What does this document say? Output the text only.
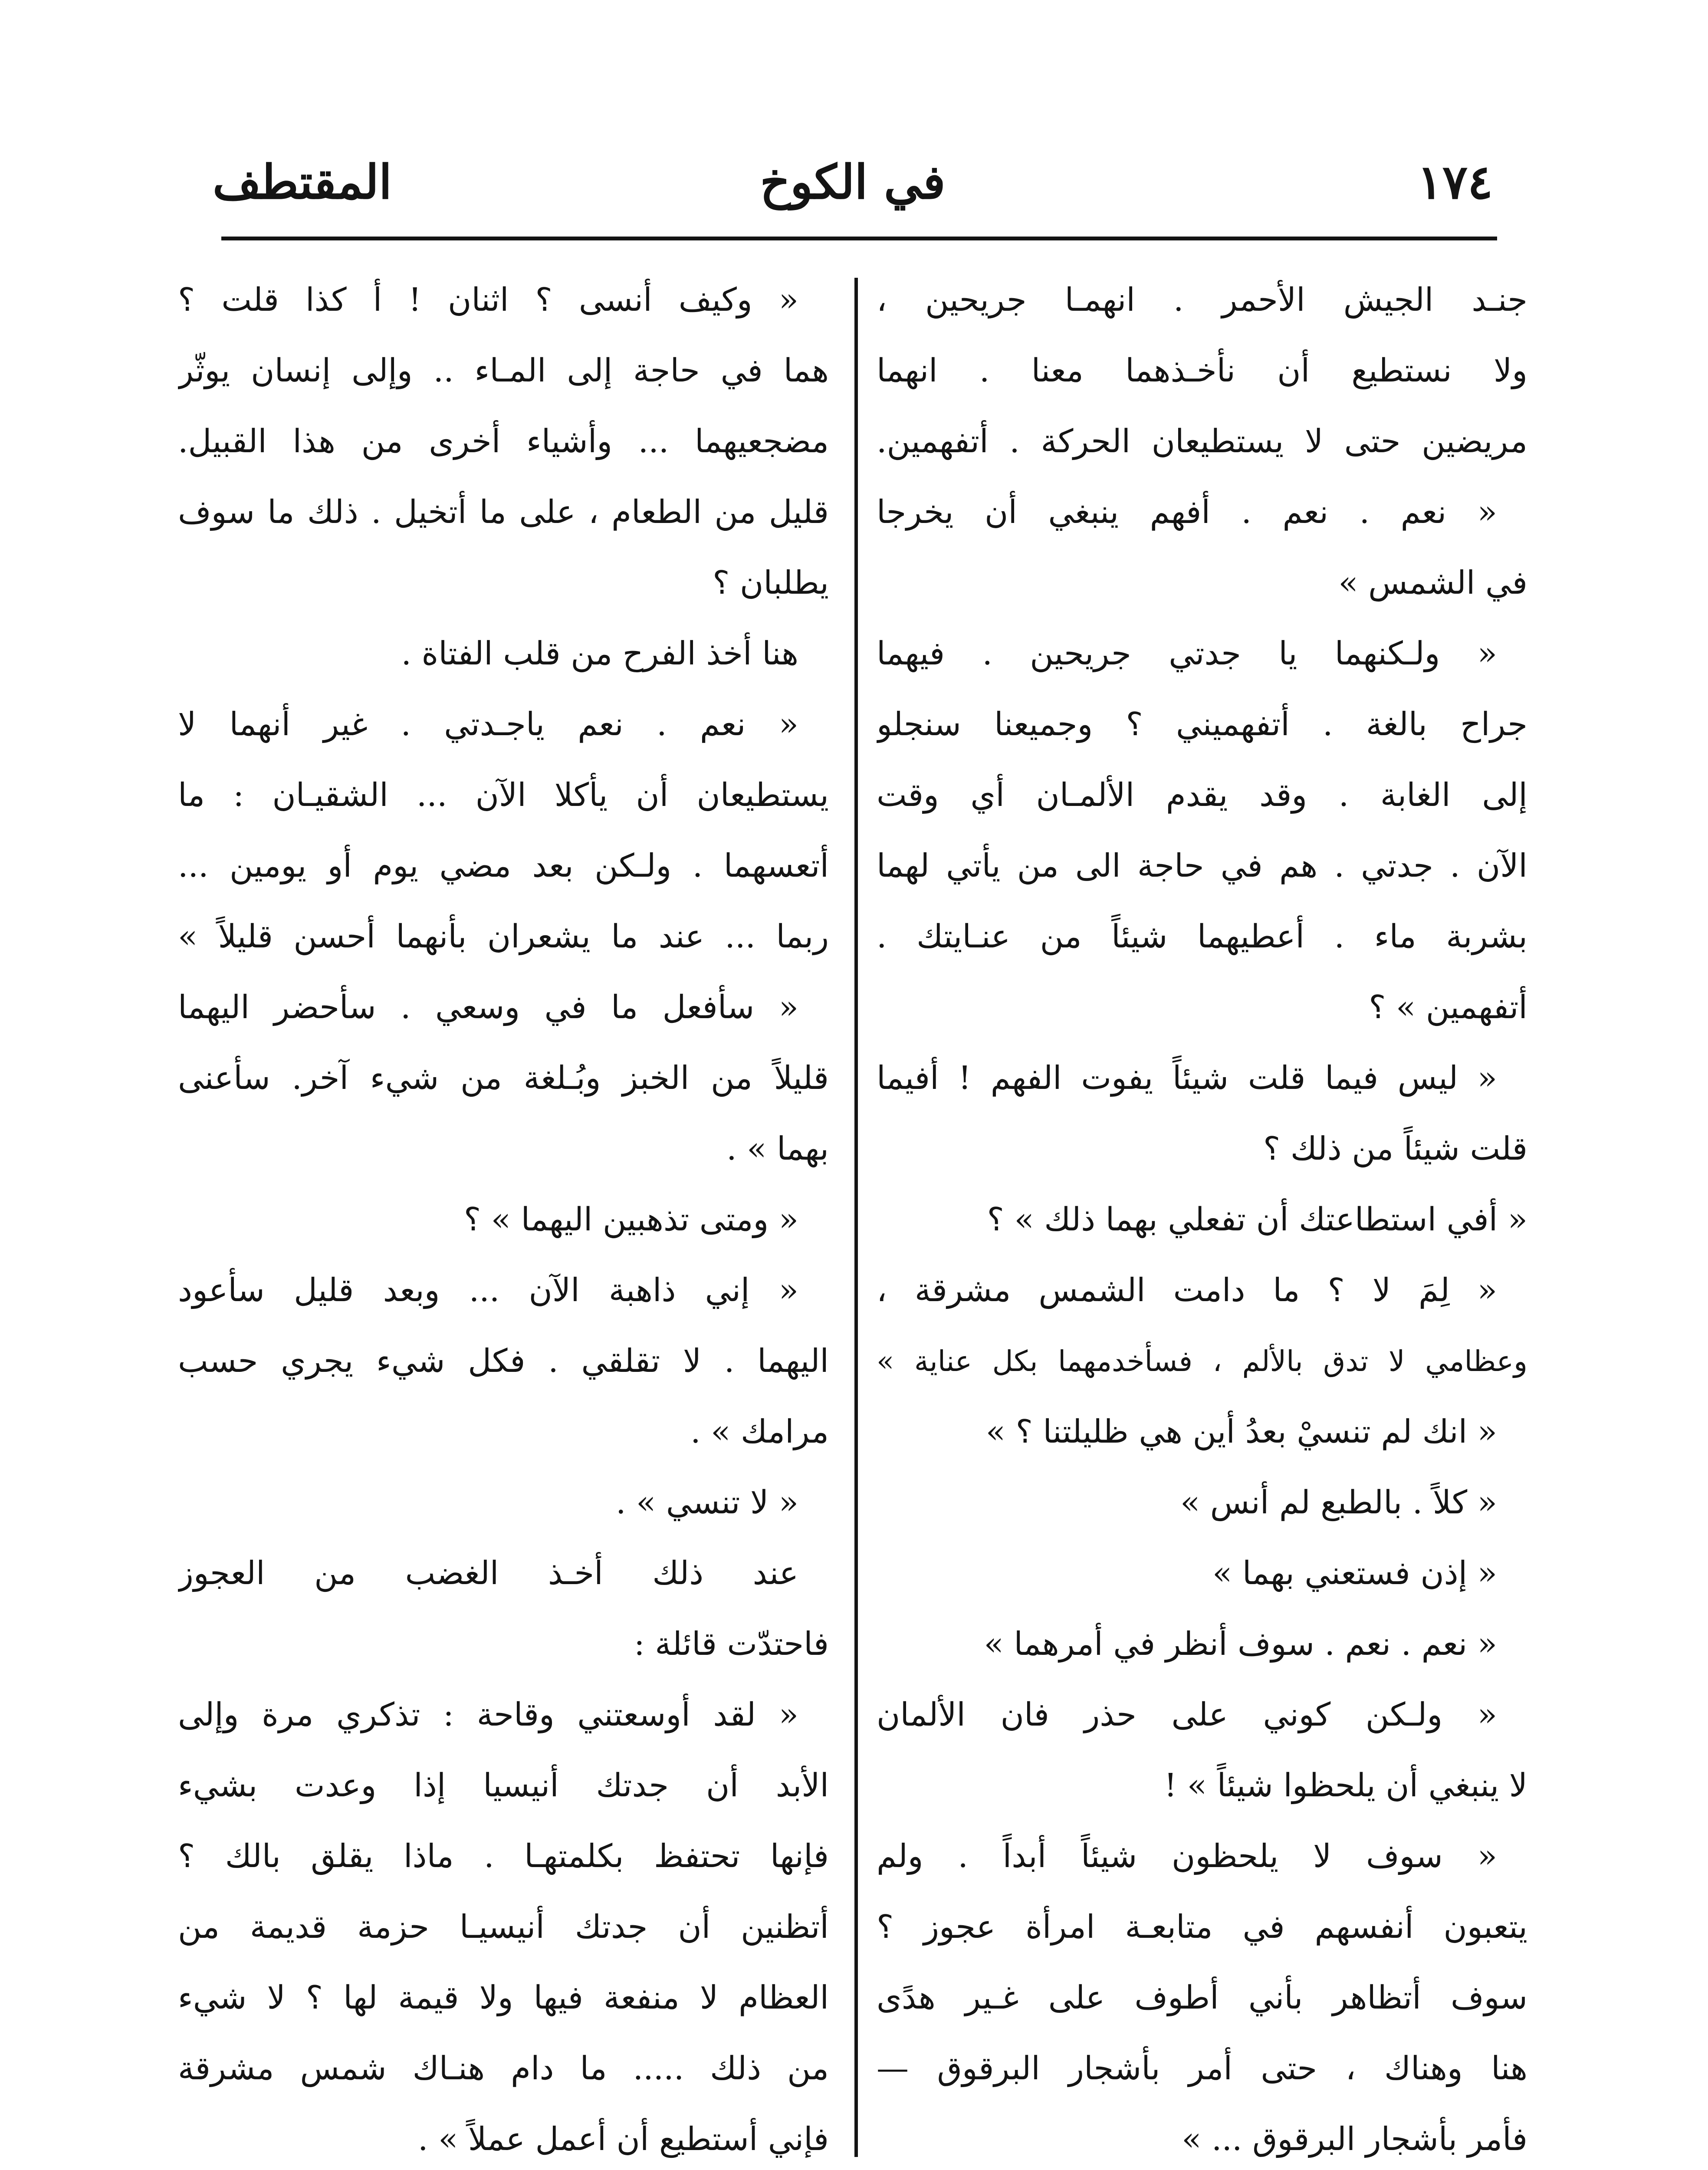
١٧٤
في الكوخ
المقتطف
جنـد الجيش الأحمر . انهمـا جريحين ،
ولا نستطيع أن نأخـذهما معنا . انهما
مريضين حتى لا يستطيعان الحركة . أتفهمين.
« نعم . نعم . أفهم ينبغي أن يخرجا
في الشمس »
« ولـكنهما يا جدتي جريحين . فيهما
جراح بالغة . أتفهميني ؟ وجميعنا سنجلو
إلى الغابة . وقد يقدم الألمـان أي وقت
الآن . جدتي . هم في حاجة الى من يأتي لهما
بشربة ماء . أعطيهما شيئاً من عنـايتك .
أتفهمين » ؟
« ليس فيما قلت شيئاً يفوت الفهم ! أفيما
قلت شيئاً من ذلك ؟
« أفي استطاعتك أن تفعلي بهما ذلك » ؟
« لِمَ لا ؟ ما دامت الشمس مشرقة ،
وعظامي لا تدق بالألم ، فسأخدمهما بكل عناية »
« انك لم تنسيْ بعدُ أين هي ظليلتنا ؟ »
« كلاً . بالطبع لم أنس »
« إذن فستعني بهما »
« نعم . نعم . سوف أنظر في أمرهما »
« ولـكن كوني على حذر فان الألمان
لا ينبغي أن يلحظوا شيئاً » !
« سوف لا يلحظون شيئاً أبداً . ولم
يتعبون أنفسهم في متابعـة امرأة عجوز ؟
سوف أتظاهر بأني أطوف على غـير هدًى
هنا وهناك ، حتى أمر بأشجار البرقوق —
فأمر بأشجار البرقوق ... »
« وكيف أنسى ؟ اثنان ! أ كذا قلت ؟
هما في حاجة إلى المـاء .. وإلى إنسان يوثّر
مضجعيهما ... وأشياء أخرى من هذا القبيل.
قليل من الطعام ، على ما أتخيل . ذلك ما سوف
يطلبان ؟
هنا أخذ الفرح من قلب الفتاة .
« نعم . نعم ياجـدتي . غير أنهما لا
يستطيعان أن يأكلا الآن ... الشقيـان : ما
أتعسهما . ولـكن بعد مضي يوم أو يومين ...
ربما ... عند ما يشعران بأنهما أحسن قليلاً »
« سأفعل ما في وسعي . سأحضر اليهما
قليلاً من الخبز وبُـلغة من شيء آخر. سأعنى
بهما » .
« ومتى تذهبين اليهما » ؟
« إني ذاهبة الآن ... وبعد قليل سأعود
اليهما . لا تقلقي . فكل شيء يجري حسب
مرامك » .
« لا تنسي » .
عند ذلك أخـذ الغضب من العجوز
فاحتدّت قائلة :
« لقد أوسعتني وقاحة : تذكري مرة وإلى
الأبد أن جدتك أنيسيا إذا وعدت بشيء
فإنها تحتفظ بكلمتهـا . ماذا يقلق بالك ؟
أتظنين أن جدتك أنيسيـا حزمة قديمة من
العظام لا منفعة فيها ولا قيمة لها ؟ لا شيء
من ذلك ..... ما دام هنـاك شمس مشرقة
فإني أستطيع أن أعمل عملاً » .
